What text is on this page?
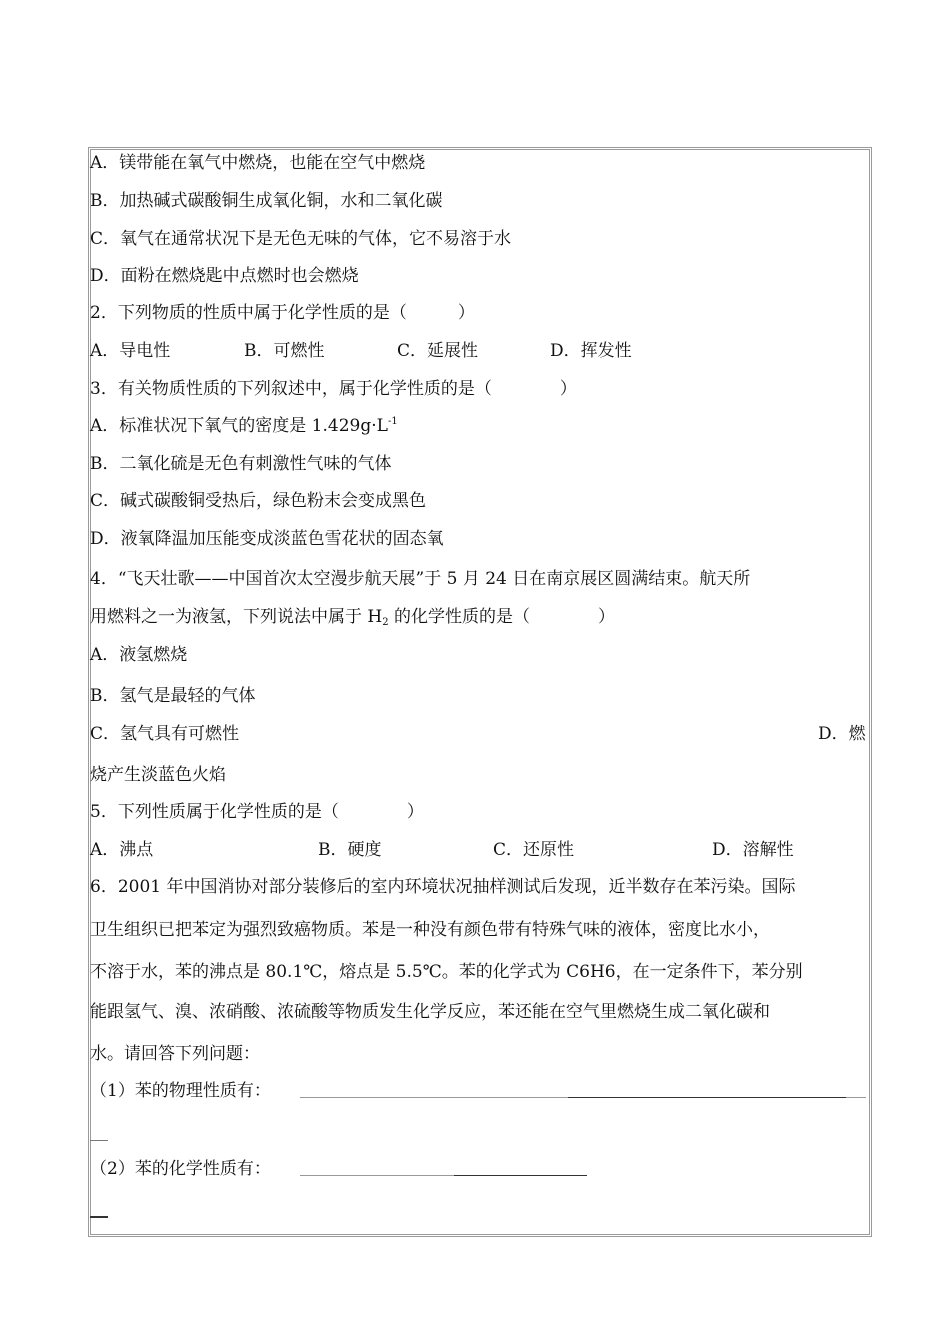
A．镁带能在氧气中燃烧，也能在空气中燃烧
B．加热碱式碳酸铜生成氧化铜，水和二氧化碳
C．氧气在通常状况下是无色无味的气体，它不易溶于水
D．面粉在燃烧匙中点燃时也会燃烧
2．下列物质的性质中属于化学性质的是（　　　）
A．导电性	B．可燃性	C．延展性	D．挥发性
3．有关物质性质的下列叙述中，属于化学性质的是（　　　　）
A．标准状况下氧气的密度是 $1.429g\cdot L^{-1}$
B．二氧化硫是无色有刺激性气味的气体
C．碱式碳酸铜受热后，绿色粉末会变成黑色
D．液氧降温加压能变成淡蓝色雪花状的固态氧
4．“飞天壮歌——中国首次太空漫步航天展”于 5 月 24 日在南京展区圆满结束。航天所
用燃料之一为液氢，下列说法中属于 $H_2$ 的化学性质的是（　　　　）
A．液氢燃烧
B．氢气是最轻的气体
C．氢气具有可燃性	D．燃
烧产生淡蓝色火焰
5．下列性质属于化学性质的是（　　　　）
A．沸点	B．硬度	C．还原性	D．溶解性
6．2001 年中国消协对部分装修后的室内环境状况抽样测试后发现，近半数存在苯污染。国际
卫生组织已把苯定为强烈致癌物质。苯是一种没有颜色带有特殊气味的液体，密度比水小，
不溶于水，苯的沸点是 80.1℃，熔点是 5.5℃。苯的化学式为 C6H6，在一定条件下，苯分别
能跟氢气、溴、浓硝酸、浓硫酸等物质发生化学反应，苯还能在空气里燃烧生成二氧化碳和
水。请回答下列问题：
（1）苯的物理性质有：
（2）苯的化学性质有：
